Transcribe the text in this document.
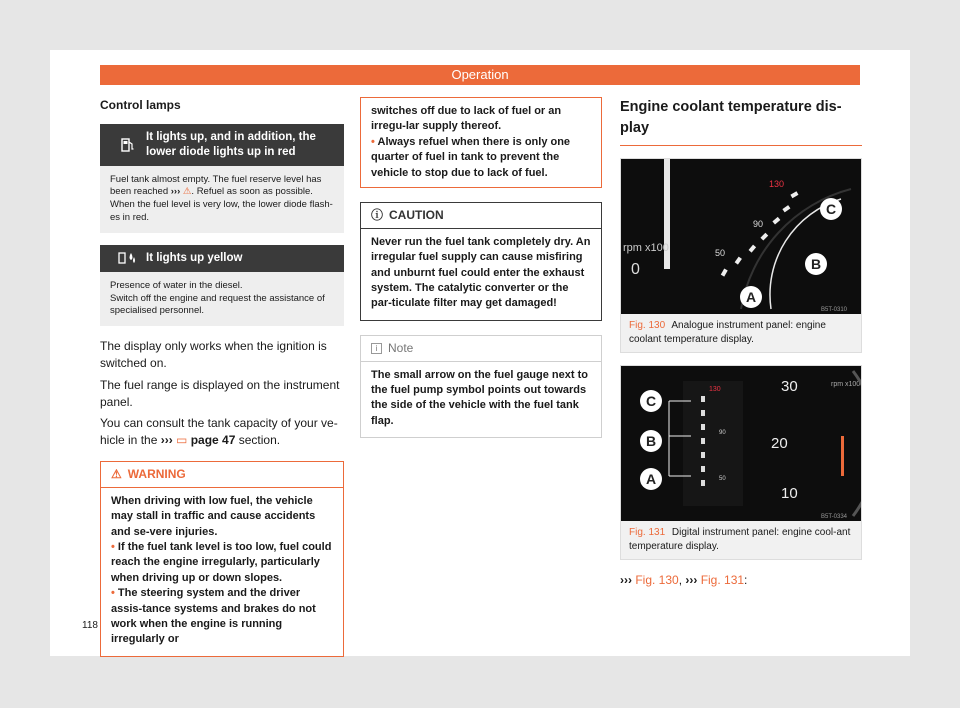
Operation
Control lamps
It lights up, and in addition, the lower diode lights up in red
Fuel tank almost empty. The fuel reserve level has been reached ››› ⚠. Refuel as soon as possible. When the fuel level is very low, the lower diode flash-es in red.
It lights up yellow
Presence of water in the diesel.
Switch off the engine and request the assistance of specialised personnel.

The display only works when the ignition is switched on.

The fuel range is displayed on the instrument panel.

You can consult the tank capacity of your ve-hicle in the ››› ▭ page 47 section.

⚠ WARNING
When driving with low fuel, the vehicle may stall in traffic and cause accidents and se-vere injuries.
• If the fuel tank level is too low, fuel could reach the engine irregularly, particularly when driving up or down slopes.
• The steering system and the driver assis-tance systems and brakes do not work when the engine is running irregularly or
switches off due to lack of fuel or an irregu-lar supply thereof.
• Always refuel when there is only one quarter of fuel in tank to prevent the vehicle to stop due to lack of fuel.
ⓘ CAUTION
Never run the fuel tank completely dry. An irregular fuel supply can cause misfiring and unburnt fuel could enter the exhaust system. The catalytic converter or the par-ticulate filter may get damaged!
i Note
The small arrow on the fuel gauge next to the fuel pump symbol points out towards the side of the vehicle with the fuel tank flap.
Engine coolant temperature dis-play
rpm x100
0
130
90
50
C
B
A
B5T-0310
Fig. 130 Analogue instrument panel: engine coolant temperature display.
130
90
50
C
B
A
30
20
10
rpm x100
B5T-0334
Fig. 131 Digital instrument panel: engine cool-ant temperature display.
››› Fig. 130, ››› Fig. 131:
118
